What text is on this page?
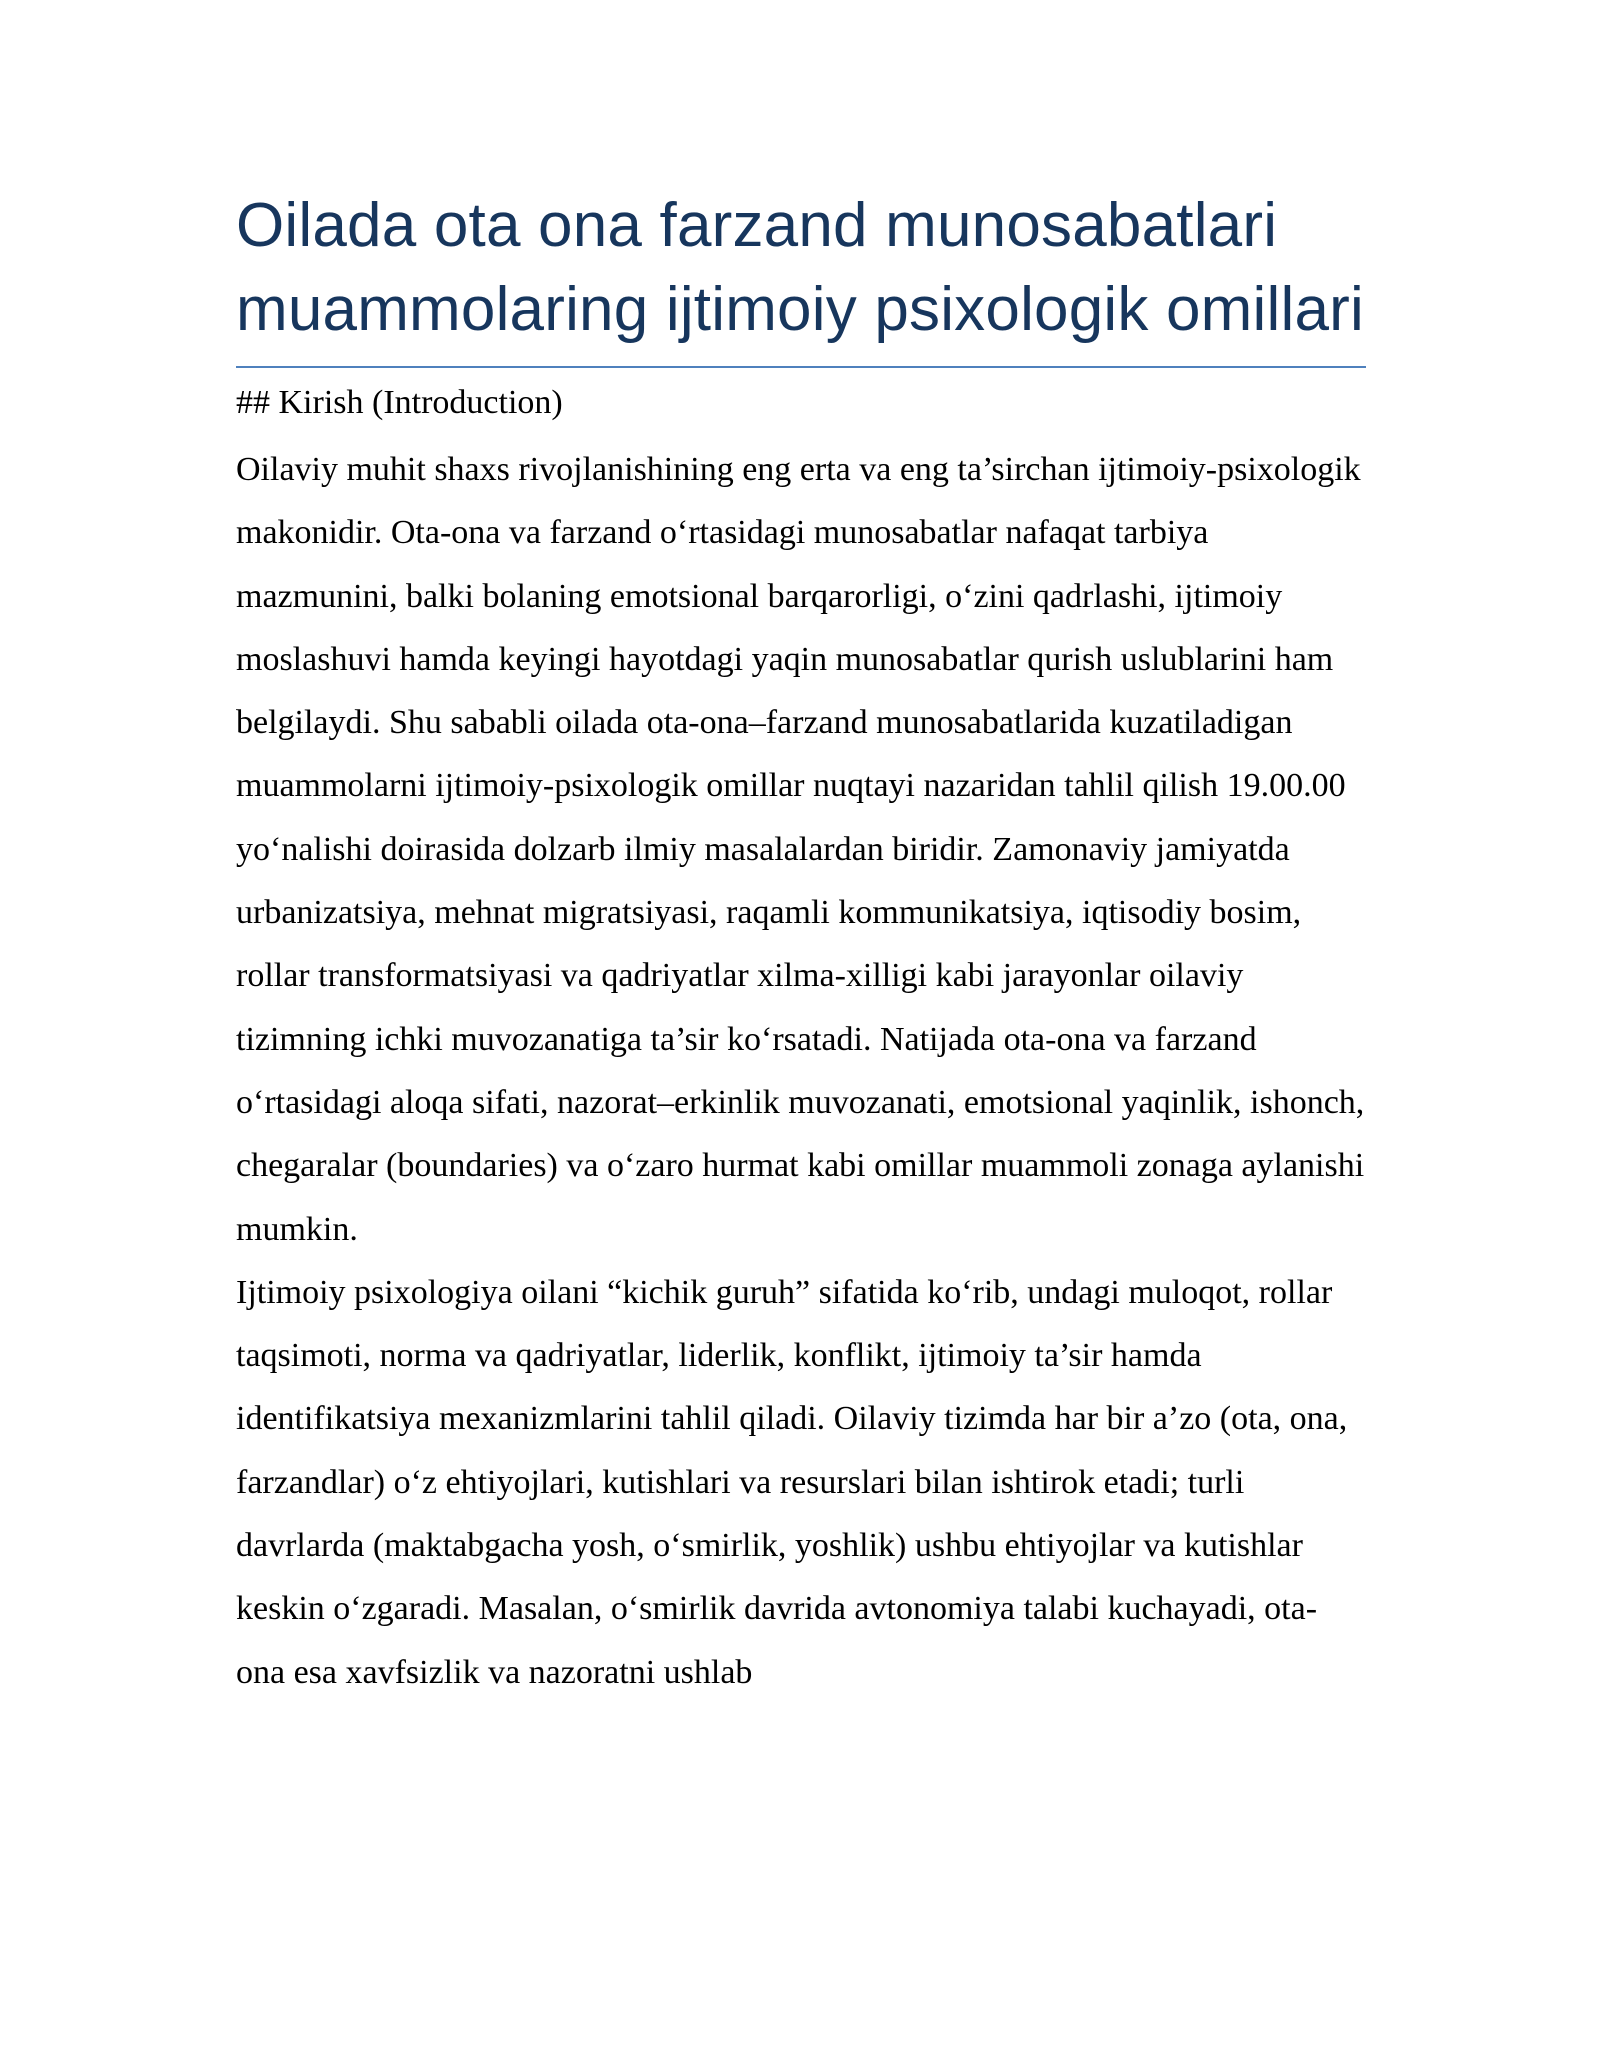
Oilada ota ona farzand munosabatlari muammolaring ijtimoiy psixologik omillari
## Kirish (Introduction)

Oilaviy muhit shaxs rivojlanishining eng erta va eng ta’sirchan ijtimoiy-psixologik makonidir. Ota-ona va farzand o‘rtasidagi munosabatlar nafaqat tarbiya mazmunini, balki bolaning emotsional barqarorligi, o‘zini qadrlashi, ijtimoiy moslashuvi hamda keyingi hayotdagi yaqin munosabatlar qurish uslublarini ham belgilaydi. Shu sababli oilada ota-ona–farzand munosabatlarida kuzatiladigan muammolarni ijtimoiy-psixologik omillar nuqtayi nazaridan tahlil qilish 19.00.00 yo‘nalishi doirasida dolzarb ilmiy masalalardan biridir. Zamonaviy jamiyatda urbanizatsiya, mehnat migratsiyasi, raqamli kommunikatsiya, iqtisodiy bosim, rollar transformatsiyasi va qadriyatlar xilma-xilligi kabi jarayonlar oilaviy tizimning ichki muvozanatiga ta’sir ko‘rsatadi. Natijada ota-ona va farzand o‘rtasidagi aloqa sifati, nazorat–erkinlik muvozanati, emotsional yaqinlik, ishonch, chegaralar (boundaries) va o‘zaro hurmat kabi omillar muammoli zonaga aylanishi mumkin.

Ijtimoiy psixologiya oilani “kichik guruh” sifatida ko‘rib, undagi muloqot, rollar taqsimoti, norma va qadriyatlar, liderlik, konflikt, ijtimoiy ta’sir hamda identifikatsiya mexanizmlarini tahlil qiladi. Oilaviy tizimda har bir a’zo (ota, ona, farzandlar) o‘z ehtiyojlari, kutishlari va resurslari bilan ishtirok etadi; turli davrlarda (maktabgacha yosh, o‘smirlik, yoshlik) ushbu ehtiyojlar va kutishlar keskin o‘zgaradi. Masalan, o‘smirlik davrida avtonomiya talabi kuchayadi, ota-ona esa xavfsizlik va nazoratni ushlab
